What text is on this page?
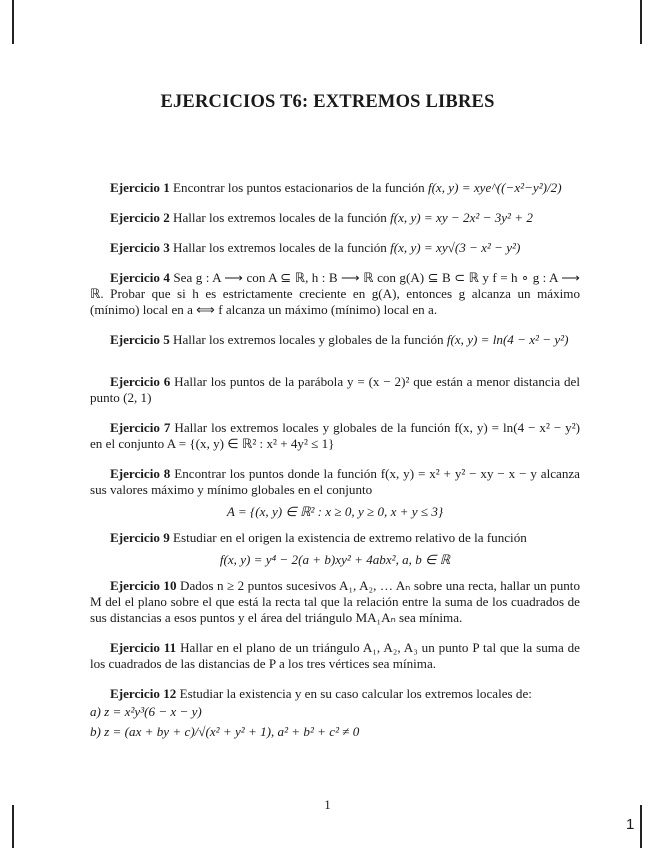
EJERCICIOS T6: EXTREMOS LIBRES

Ejercicio 1 Encontrar los puntos estacionarios de la función f(x, y) = xye^((−x²−y²)/2)

Ejercicio 2 Hallar los extremos locales de la función f(x, y) = xy − 2x² − 3y² + 2

Ejercicio 3 Hallar los extremos locales de la función f(x, y) = xy√(3 − x² − y²)

Ejercicio 4 Sea g : A ⟶ con A ⊆ ℝ, h : B ⟶ ℝ con g(A) ⊆ B ⊂ ℝ y f = h ∘ g : A ⟶ ℝ. Probar que si h es estrictamente creciente en g(A), entonces g alcanza un máximo (mínimo) local en a ⟺ f alcanza un máximo (mínimo) local en a.

Ejercicio 5 Hallar los extremos locales y globales de la función f(x, y) = ln(4 − x² − y²)

Ejercicio 6 Hallar los puntos de la parábola y = (x − 2)² que están a menor distancia del punto (2, 1)

Ejercicio 7 Hallar los extremos locales y globales de la función f(x, y) = ln(4 − x² − y²) en el conjunto A = {(x, y) ∈ ℝ² : x² + 4y² ≤ 1}

Ejercicio 8 Encontrar los puntos donde la función f(x, y) = x² + y² − xy − x − y alcanza sus valores máximo y mínimo globales en el conjunto
A = {(x, y) ∈ ℝ² : x ≥ 0, y ≥ 0, x + y ≤ 3}
Ejercicio 9 Estudiar en el origen la existencia de extremo relativo de la función
f(x, y) = y⁴ − 2(a + b)xy² + 4abx², a, b ∈ ℝ

Ejercicio 10 Dados n ≥ 2 puntos sucesivos A₁, A₂, … Aₙ sobre una recta, hallar un punto M del el plano sobre el que está la recta tal que la relación entre la suma de los cuadrados de sus distancias a esos puntos y el área del triángulo MA₁Aₙ sea mínima.

Ejercicio 11 Hallar en el plano de un triángulo A₁, A₂, A₃ un punto P tal que la suma de los cuadrados de las distancias de P a los tres vértices sea mínima.

Ejercicio 12 Estudiar la existencia y en su caso calcular los extremos locales de:
a) z = x²y³(6 − x − y)
b) z = (ax + by + c)/√(x² + y² + 1), a² + b² + c² ≠ 0
1
1
